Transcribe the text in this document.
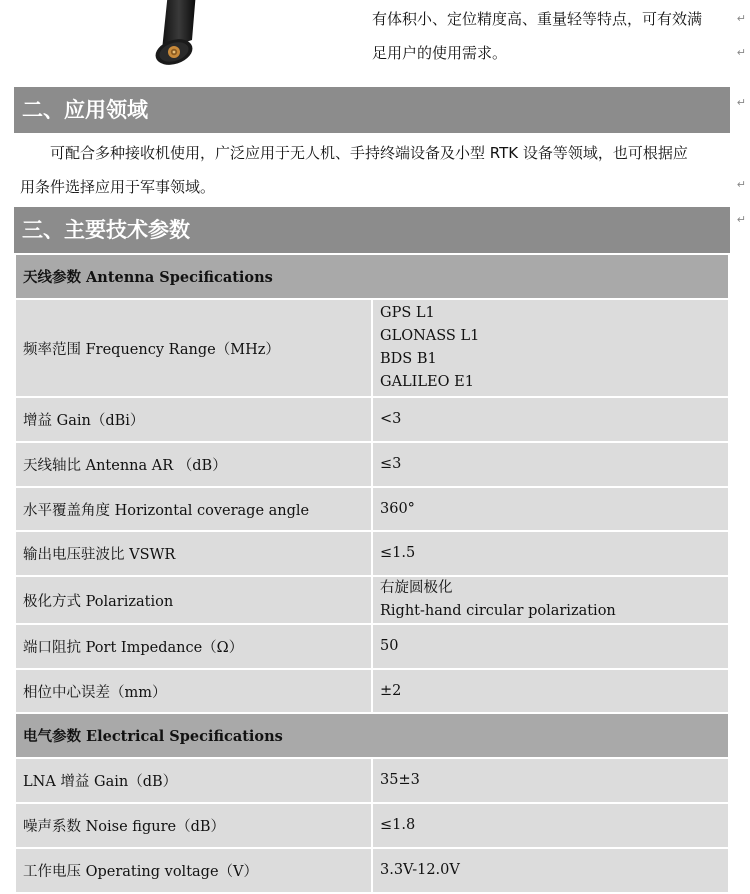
有体积小、定位精度高、重量轻等特点，可有效满
足用户的使用需求。
↵
↵
二、应用领域	↵
可配合多种接收机使用，广泛应用于无人机、手持终端设备及小型 RTK 设备等领域，也可根据应
用条件选择应用于军事领域。	↵
三、主要技术参数	↵
天线参数 Antenna Specifications	
频率范围 Frequency Range（MHz）	GPS L1
GLONASS L1
BDS B1
GALILEO E1

增益 Gain（dBi）	<3

天线轴比 Antenna AR （dB）	≤3

水平覆盖角度 Horizontal coverage angle	360°

输出电压驻波比 VSWR	≤1.5

极化方式 Polarization	右旋圆极化
Right-hand circular polarization

端口阻抗 Port Impedance（Ω）	50

相位中心误差（mm）	±2

电气参数 Electrical Specifications	
LNA 增益 Gain（dB）	35±3

噪声系数 Noise figure（dB）	≤1.8

工作电压 Operating voltage（V）	3.3V-12.0V
